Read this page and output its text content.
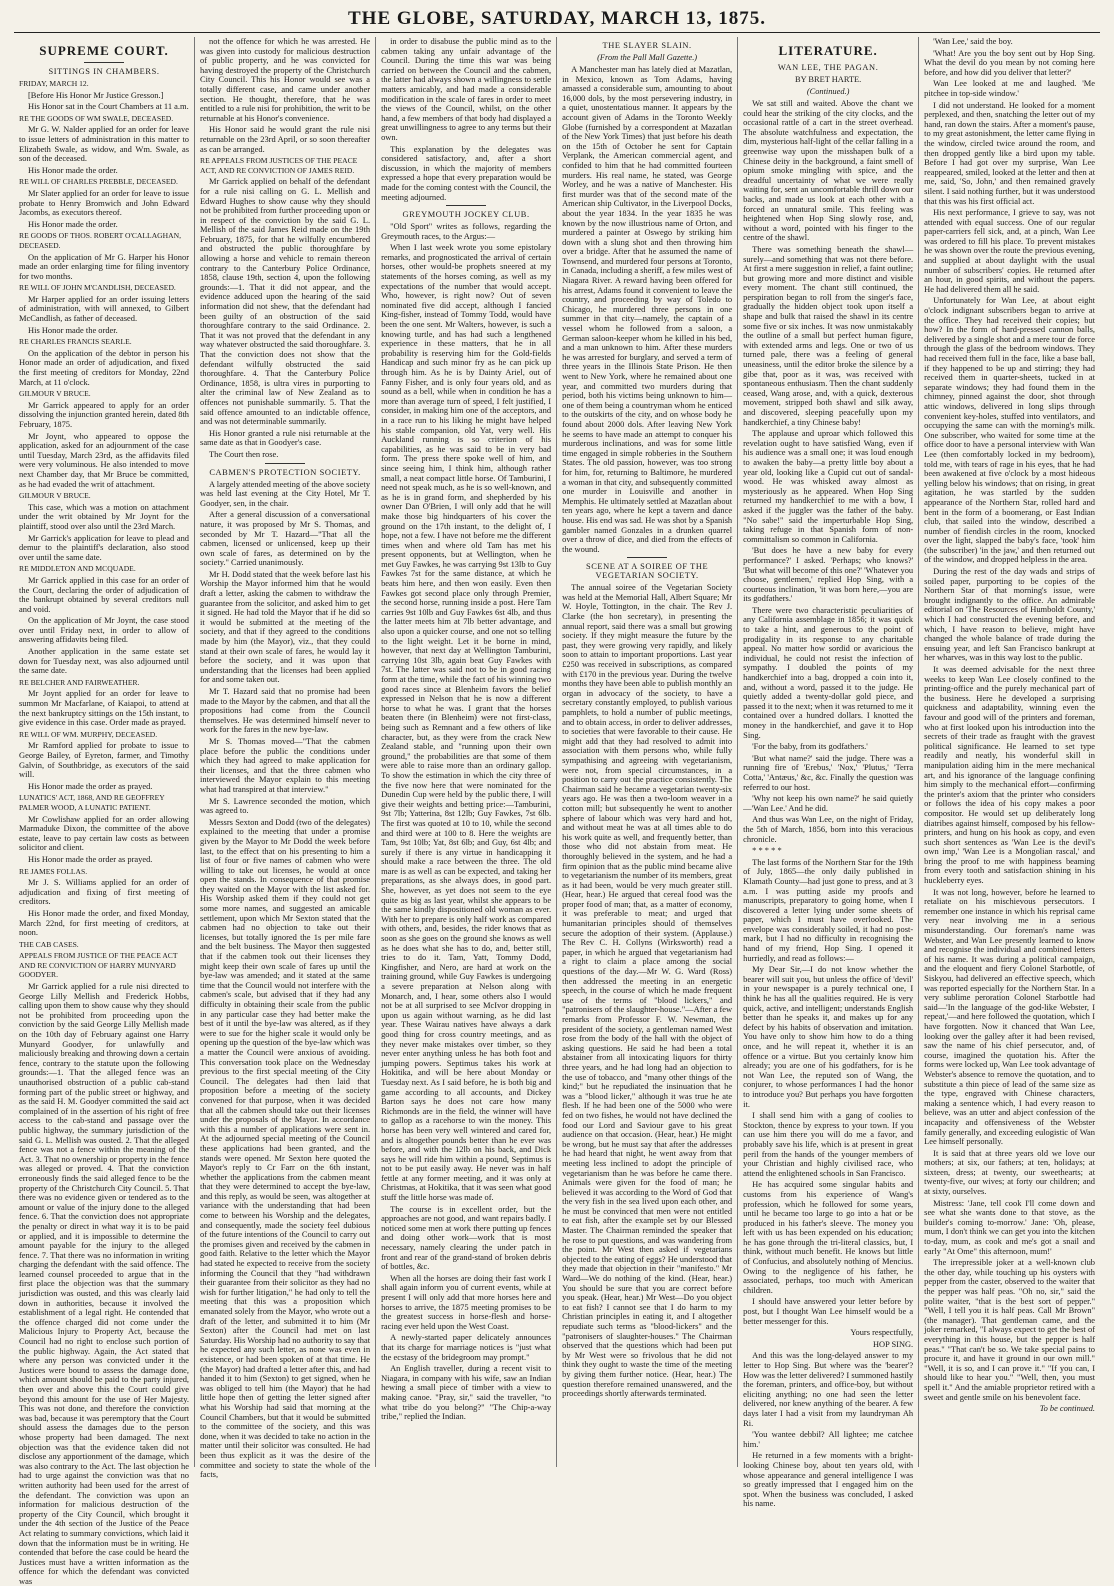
THE GLOBE, SATURDAY, MARCH 13, 1875.
SUPREME COURT.
SITTINGS IN CHAMBERS.

FRIDAY, MARCH 12.

[Before His Honor Mr Justice Gresson.]

His Honor sat in the Court Chambers at 11 a.m.

RE THE GOODS OF WM SWALE, DECEASED.

Mr G. W. Nalder applied for an order for leave to issue letters of administration in this matter to Elizabeth Swale, as widow, and Wm. Swale, as son of the deceased.

His Honor made the order.

RE WILL OF CHARLES PREBBLE, DECEASED.

Mr Slater applied for an order for leave to issue probate to Henry Bromwich and John Edward Jacombs, as executors thereof.

His Honor made the order.

RE GOODS OF THOS. ROBERT O'CALLAGHAN, DECEASED.

On the application of Mr G. Harper his Honor made an order enlarging time for filing inventory for two months.

RE WILL OF JOHN M'CANDLISH, DECEASED.

Mr Harper applied for an order issuing letters of administration, with will annexed, to Gilbert McCandlish, as father of deceased.

His Honor made the order.

RE CHARLES FRANCIS SEARLE.

On the application of the debtor in person his Honor made an order of adjudication, and fixed the first meeting of creditors for Monday, 22nd March, at 11 o'clock.

GILMOUR V BRUCE.

Mr Garrick appeared to apply for an order dissolving the injunction granted herein, dated 8th February, 1875.

Mr Joynt, who appeared to oppose the application, asked for an adjournment of the case until Tuesday, March 23rd, as the affidavits filed were very voluminous. He also intended to move next Chamber day, that Mr Bruce be committed, as he had evaded the writ of attachment.

GILMOUR V BRUCE.

This case, which was a motion on attachment under the writ obtained by Mr Joynt for the plaintiff, stood over also until the 23rd March.

Mr Garrick's application for leave to plead and demur to the plaintiff's declaration, also stood over until the same date.

RE MIDDLETON AND MCQUADE.

Mr Garrick applied in this case for an order of the Court, declaring the order of adjudication of the bankrupt obtained by several creditors null and void.

On the application of Mr Joynt, the case stood over until Friday next, in order to allow of answering affidavits being filed.

Another application in the same estate set down for Tuesday next, was also adjourned until the same date.

RE BELCHER AND FAIRWEATHER.

Mr Joynt applied for an order for leave to summon Mr Macfarlane, of Kaiapoi, to attend at the next bankruptcy sittings on the 15th instant, to give evidence in this case. Order made as prayed.

RE WILL OF WM. MURPHY, DECEASED.

Mr Ramford applied for probate to issue to George Bailey, of Eyreton, farmer, and Timothy Galvin, of Southbridge, as executors of the said will.

His Honor made the order as prayed.

LUNATICS' ACT, 1868, AND RE GEOFFREY PALMER WOOD, A LUNATIC PATIENT.

Mr Cowlishaw applied for an order allowing Marmaduke Dixon, the committee of the above estate, leave to pay certain law costs as between solicitor and client.

His Honor made the order as prayed.

RE JAMES FOLLAS.

Mr J. S. Williams applied for an order of adjudication and fixing of first meeting of creditors.

His Honor made the order, and fixed Monday, March 22nd, for first meeting of creditors, at noon.

THE CAB CASES.

APPEALS FROM JUSTICE OF THE PEACE ACT AND RE CONVICTION OF HARRY MUNYARD GOODYER.

Mr Garrick applied for a rule nisi directed to George Lilly Mellish and Frederick Hobbs, calling upon them to show cause why they should not be prohibited from proceeding upon the conviction by the said George Lilly Mellish made on the 10th day of February against one Harry Munyard Goodyer, for unlawfully and maliciously breaking and throwing down a certain fence, contrary to the statute upon the following grounds:—1. That the alleged fence was an unauthorised obstruction of a public cab-stand forming part of the public street or highway, and as the said H. M. Goodyer committed the said act complained of in the assertion of his right of free access to the cab-stand and passage over the public highway, the summary jurisdiction of the said G. L. Mellish was ousted. 2. That the alleged fence was not a fence within the meaning of the Act. 3. That no ownership or property in the fence was alleged or proved. 4. That the conviction erroneously finds the said alleged fence to be the property of the Christchurch City Council. 5. That there was no evidence given or tendered as to the amount or value of the injury done to the alleged fence. 6. That the conviction does not appropriate the penalty or direct in what way it is to be paid or applied, and it is impossible to determine the amount payable for the injury to the alleged fence. 7. That there was no information in writing charging the defendant with the said offence. The learned counsel proceeded to argue that in the first place the objection was that the summary jurisdiction was ousted, and this was clearly laid down in authorities, because it involved the establishment of a legal right. He contended that the offence charged did not come under the Malicious Injury to Property Act, because the Council had no right to enclose such portion of the public highway. Again, the Act stated that where any person was convicted under it the Justices were bound to assess the damage done, which amount should be paid to the party injured, then over and above this the Court could give beyond this amount for the use of Her Majesty. This was not done, and therefore the conviction was bad, because it was peremptory that the Court should assess the damages due to the person whose property had been damaged. The next objection was that the evidence taken did not disclose any apportionment of the damage, which was also contrary to the Act. The last objection he had to urge against the conviction was that no written authority had been used for the arrest of the defendant. The conviction was upon an information for malicious destruction of the property of the City Council, which brought it under the 4th section of the Justice of the Peace Act relating to summary convictions, which laid it down that the information must be in writing. He contended that before the case could be heard the Justices must have a written information as the offence for which the defendant was convicted was

not the offence for which he was arrested. He was given into custody for malicious destruction of public property, and he was convicted for having destroyed the property of the Christchurch City Council. This his Honor would see was a totally different case, and came under another section. He thought, therefore, that he was entitled to a rule nisi for prohibition, the writ to be returnable at his Honor's convenience.

His Honor said he would grant the rule nisi returnable on the 23rd April, or so soon thereafter as can be arranged.

RE APPEALS FROM JUSTICES OF THE PEACE ACT, AND RE CONVICTION OF JAMES REID.

Mr Garrick applied on behalf of the defendant for a rule nisi calling on G. L. Mellish and Edward Hughes to show cause why they should not be prohibited from further proceeding upon or in respect of the conviction by the said G. L. Mellish of the said James Reid made on the 19th February, 1875, for that he wilfully encumbered and obstructed the public thoroughfare by allowing a horse and vehicle to remain thereon contrary to the Canterbury Police Ordinance, 1858, clause 19th, section 4, upon the following grounds:—1. That it did not appear, and the evidence adduced upon the hearing of the said information did not shew, that the defendant had been guilty of an obstruction of the said thoroughfare contrary to the said Ordinance. 2. That it was not proved that the defendant in any way whatever obstructed the said thoroughfare. 3. That the conviction does not show that the defendant wilfully obstructed the said thoroughfare. 4. That the Canterbury Police Ordinance, 1858, is ultra vires in purporting to alter the criminal law of New Zealand as to offences not punishable summarily. 5. That the said offence amounted to an indictable offence, and was not determinable summarily.

His Honor granted a rule nisi returnable at the same date as that in Goodyer's case.

The Court then rose.

CABMEN'S PROTECTION SOCIETY.

A largely attended meeting of the above society was held last evening at the City Hotel, Mr T. Goodyer, sen, in the chair.

After a general discussion of a conversational nature, it was proposed by Mr S. Thomas, and seconded by Mr T. Hazard—"That all the cabmen, licensed or unlicensed, keep up their own scale of fares, as determined on by the society." Carried unanimously.

Mr H. Dodd stated that the week before last his Worship the Mayor informed him that he would draft a letter, asking the cabmen to withdraw the guarantee from the solicitor, and asked him to get it signed. He had told the Mayor that if he did so it would be submitted at the meeting of the society, and that if they agreed to the conditions made by him (the Mayor), viz., that they could stand at their own scale of fares, he would lay it before the society, and it was upon that understanding that the licenses had been applied for and some taken out.

Mr T. Hazard said that no promise had been made to the Mayor by the cabmen, and that all the propositions had come from the Council themselves. He was determined himself never to work for the fares in the new bye-law.

Mr S. Thomas moved—"That the cabmen place before the public the conditions under which they had agreed to make application for their licenses, and that the three cabmen who interviewed the Mayor explain to this meeting what had transpired at that interview."

Mr S. Lawrence seconded the motion, which was agreed to.

Messrs Sexton and Dodd (two of the delegates) explained to the meeting that under a promise given by the Mayor to Mr Dodd the week before last, to the effect that on his presenting to him a list of four or five names of cabmen who were willing to take out licenses, he would at once open the stands. In consequence of that promise they waited on the Mayor with the list asked for. His Worship asked them if they could not get some more names, and suggested an amicable settlement, upon which Mr Sexton stated that the cabmen had no objection to take out their licenses, but totally ignored the 1s per mile fare and the belt business. The Mayor then suggested that if the cabmen took out their licenses they might keep their own scale of fares up until the bye-law was amended; and it stated at the same time that the Council would not interfere with the cabmen's scale, but advised that if they had any difficulty in obtaining their scale from the public in any particular case they had better make the best of it until the bye-law was altered, as if they were to sue for the higher scale it would only be opening up the question of the bye-law which was a matter the Council were anxious of avoiding. This conversation took place on the Wednesday previous to the first special meeting of the City Council. The delegates had then laid that proposition before a meeting of the society convened for that purpose, when it was decided that all the cabmen should take out their licenses under the proposals of the Mayor. In accordance with this a number of applications were sent in. At the adjourned special meeting of the Council these applications had been granted, and the stands were opened. Mr Sexton here quoted the Mayor's reply to Cr Farr on the 6th instant, whether the applications from the cabmen meant that they were determined to accept the bye-law, and this reply, as would be seen, was altogether at variance with the understanding that had been come to between his Worship and the delegates, and consequently, made the society feel dubious of the future intentions of the Council to carry out the promises given and received by the cabmen in good faith. Relative to the letter which the Mayor had stated he expected to receive from the society informing the Council that they "had withdrawn their guarantee from their solicitor as they had no wish for further litigation," he had only to tell the meeting that this was a proposition which emanated solely from the Mayor, who wrote out a draft of the letter, and submitted it to him (Mr Sexton) after the Council had met on last Saturday. His Worship had no authority to say that he expected any such letter, as none was even in existence, or had been spoken of at that time. He (the Mayor) had drafted a letter after this, and had handed it to him (Sexton) to get signed, when he was obliged to tell him (the Mayor) that he had little hope then of getting the letter signed after what his Worship had said that morning at the Council Chambers, but that it would be submitted to the committee of the society, and this was done, when it was decided to take no action in the matter until their solicitor was consulted. He had been thus explicit as it was the desire of the committee and society to state the whole of the facts,

in order to disabuse the public mind as to the cabmen taking any unfair advantage of the Council. During the time this war was being carried on between the Council and the cabmen, the latter had always shown a willingness to settle matters amicably, and had made a considerable modification in the scale of fares in order to meet the views of the Council, whilst, on the other hand, a few members of that body had displayed a great unwillingness to agree to any terms but their own.

This explanation by the delegates was considered satisfactory, and, after a short discussion, in which the majority of members expressed a hope that every preparation would be made for the coming contest with the Council, the meeting adjourned.

GREYMOUTH JOCKEY CLUB.

"Old Sport" writes as follows, regarding the Greymouth races, to the Argus:—

When I last week wrote you some epistolary remarks, and prognosticated the arrival of certain horses, other would-be prophets sneered at my statements of the horses coming, as well as my expectations of the number that would accept. Who, however, is right now? Out of seven nominated five did accept, although I fancied King-fisher, instead of Tommy Todd, would have been the one sent. Mr Walters, however, is such a knowing turtle, and has had such a lengthened experience in these matters, that he in all probability is reserving him for the Gold-fields Handicap and such minor fry as he can pick up through him. As he is by Dainty Ariel, out of Fanny Fisher, and is only four years old, and as sound as a bell, while when in condition he has a more than average turn of speed, I felt justified, I consider, in making him one of the acceptors, and in a race run to his liking he might have helped his stable companion, old Yat, very well. His Auckland running is so criterion of his capabilities, as he was said to be in very bad form. The press there spoke well of him, and since seeing him, I think him, although rather small, a neat compact little horse. Of Tamburini, I need not speak much, as he is so well-known, and as he is in grand form, and shepherded by his owner Dan O'Brien, I will only add that he will make those big hindquarters of his cover the ground on the 17th instant, to the delight of, I hope, not a few. I have not before me the different times when and where old Tam has met his present opponents, but at Wellington, when he met Guy Fawkes, he was carrying 9st 13lb to Guy Fawkes 7st for the same distance, at which he beats him here, and then won easily. Even then Fawkes got second place only through Premier, the second horse, running inside a post. Here Tam carries 9st 10lb and Guy Fawkes 6st 4lb, and thus the latter meets him at 7lb better advantage, and also upon a quicker course, and one not so telling to the light weight. Let it be borne in mind, however, that next day at Wellington Tamburini, carrying 10st 3lb, again beat Guy Fawkes with 7st. The latter was said not to be in good racing form at the time, while the fact of his winning two good races since at Blenheim favors the belief expressed in Nelson that he is now a different horse to what he was. I grant that the horses beaten there (in Blenheim) were not first-class, being such as Remnant and a few others of like character, but, as they were from the crack New Zealand stable, and "running upon their own ground," the probabilities are that some of them were able to raise more than an ordinary gallop. To show the estimation in which the city three of the five now here that were nominated for the Dunedin Cup were held by the public there, I will give their weights and betting price:—Tamburini, 9st 7lb; Yatterina, 8st 12lb; Guy Fawkes, 7st 6lb. The first was quoted at 10 to 10, while the second and third were at 100 to 8. Here the weights are Tam, 9st 10lb; Yat, 8st 6lb; and Guy, 6st 4lb; and surely if there is any virtue in handicapping it should make a race between the three. The old mare is as well as can be expected, and taking her preparations, as she always does, in good part. She, however, as yet does not seem to the eye quite as big as last year, whilst she appears to be the same kindly dispositioned old woman as ever. With her to prepare is only half work as compared with others, and, besides, the rider knows that as soon as she goes on the ground she knows as well as he does what she has to do, and, better still, tries to do it. Tam, Yatt, Tommy Dodd, Kingfisher, and Nero, are hard at work on the training ground, while Guy Fawkes is undergoing a severe preparation at Nelson along with Monarch, and, I hear, some others also I would not be at all surprised to see McIvor dropping in upon us again without warning, as he did last year. These Wairau natives have always a dark good thing for cross country meetings, and as they never make mistakes over timber, so they never enter anything unless he has both foot and jumping powers. Septimus takes his work at Hokitika, and will be here about Monday or Tuesday next. As I said before, he is both big and game according to all accounts, and Dickey Barton says he does not care how many Richmonds are in the field, the winner will have to gallop as a racehorse to win the money. This horse has been very well wintered and cared for, and is altogether pounds better than he ever was before, and with the 12lb on his back, and Dick says he will ride him within a pound, Septimus is not to be put easily away. He never was in half fettle at any former meeting, and it was only at Christmas, at Hokitika, that it was seen what good stuff the little horse was made of.

The course is in excellent order, but the approaches are not good, and want repairs badly. I noticed some men at work there putting up fences and doing other work—work that is most necessary, namely clearing the under patch in front and rear of the grand-stand of broken debris of bottles, &c.

When all the horses are doing their fast work I shall again inform you of current events, while at present I will only add that more horses here and horses to arrive, the 1875 meeting promises to be the greatest success in horse-flesh and horse-racing ever held upon the West Coast.

A newly-started paper delicately announces that its charge for marriage notices is "just what the ecstasy of the bridegroom may prompt."

An English traveller, during a recent visit to Niagara, in company with his wife, saw an Indian hewing a small piece of timber with a view to making canoe. "Pray, sir," said the traveller, "to what tribe do you belong?" "The Chip-a-way tribe," replied the Indian.

THE SLAYER SLAIN.
(From the Pall Mall Gazette.)

A Manchester man has lately died at Mazatlan, in Mexico, known as Tom Adams, having amassed a considerable sum, amounting to about 16,000 dols, by the most persevering industry, in a quiet, unostentatious manner. It appears by the account given of Adams in the Toronto Weekly Globe (furnished by a correspondent at Mazatlan of the New York Times) that just before his death on the 15th of October he sent for Captain Verplank, the American commercial agent, and confided to him that he had committed fourteen murders. His real name, he stated, was George Worley, and he was a native of Manchester. His first murder was that of the second mate of the American ship Cultivator, in the Liverpool Docks, about the year 1834. In the year 1835 he was known by the now illustrious name of Orton, and murdered a painter at Oswego by striking him down with a slung shot and then throwing him over a bridge. After that he assumed the name of Townsend, and murdered four persons at Toronto, in Canada, including a sheriff, a few miles west of Niagara River. A reward having been offered for his arrest, Adams found it convenient to leave the country, and proceeding by way of Toledo to Chicago, he murdered three persons in one summer in that city—namely, the captain of a vessel whom he followed from a saloon, a German saloon-keeper whom he killed in his bed, and a man unknown to him. After these murders he was arrested for burglary, and served a term of three years in the Illinois State Prison. He then went to New York, where he remained about one year, and committed two murders during that period, both his victims being unknown to him—one of them being a countryman whom he enticed to the outskirts of the city, and on whose body he found about 2000 dols. After leaving New York he seems to have made an attempt to conquer his murderous inclinations, and was for some little time engaged in simple robberies in the Southern States. The old passion, however, was too strong for him, for, returning to Baltimore, he murdered a woman in that city, and subsequently committed one murder in Louisville and another in Memphis. He ultimately settled at Mazatlan about ten years ago, where he kept a tavern and dance house. His end was sad. He was shot by a Spanish gambler named Gonzales in a drunken quarrel over a throw of dice, and died from the effects of the wound.

SCENE AT A SOIREE OF THE VEGETARIAN SOCIETY.

The annual soiree of the Vegetarian Society was held at the Memorial Hall, Albert Square; Mr W. Hoyle, Tottington, in the chair. The Rev J. Clarke (the hon secretary), in presenting the annual report, said there was a small but growing society. If they might measure the future by the past, they were growing very rapidly, and likely soon to attain to important proportions. Last year £250 was received in subscriptions, as compared with £170 in the previous year. During the twelve months they have been able to publish monthly an organ in advocacy of the society, to have a secretary constantly employed, to publish various pamphlets, to hold a number of public meetings, and to obtain access, in order to deliver addresses, to societies that were favorable to their cause. He might add that they had resolved to admit into association with them persons who, while fully sympathising and agreeing with vegetarianism, were not, from special circumstances, in a position to carry out the practice consistently. The Chairman said he became a vegetarian twenty-six years ago. He was then a two-loom weaver in a cotton mill; but subsequently he went to another sphere of labour which was very hard and hot, and without meat he was at all times able to do his work quite as well, and frequently better, than those who did not abstain from meat. He thoroughly believed in the system, and he had a firm opinion that as the public mind became alive to vegetarianism the number of its members, great as it had been, would be very much greater still. (Hear, hear.) He argued that cereal food was the proper food of man; that, as a matter of economy, it was preferable to meat; and urged that humanitarian principles should of themselves secure the adoption of their system. (Applause.) The Rev C. H. Collyns (Wirksworth) read a paper, in which he argued that vegetarianism had a right to claim a place among the social questions of the day.—Mr W. G. Ward (Ross) then addressed the meeting in an energetic speech, in the course of which he made frequent use of the terms of "blood lickers," and "patronisers of the slaughter-house."—After a few remarks from Professor F. W. Newman, the president of the society, a gentleman named West rose from the body of the hall with the object of asking questions. He said he had been a total abstainer from all intoxicating liquors for thirty three years, and he had long had an objection to the use of tobacco, and "many other things of the kind;" but he repudiated the insinuation that he was a "blood licker," although it was true he ate flesh. If he had been one of the 5000 who were fed on two fishes, he would not have declined the food our Lord and Saviour gave to his great audience on that occasion. (Hear, hear.) He might be wrong, but he must say that after the addresses he had heard that night, he went away from that meeting less inclined to adopt the principle of vegetarianism than he was before he came there. Animals were given for the food of man; he believed it was according to the Word of God that the very fish in the sea lived upon each other, and he must be convinced that men were not entitled to eat fish, after the example set by our Blessed Master. The Chairman reminded the speaker that he rose to put questions, and was wandering from the point. Mr West then asked if vegetarians objected to the eating of eggs? He understood that they made that objection in their "manifesto." Mr Ward—We do nothing of the kind. (Hear, hear.) You should be sure that you are correct before you speak. (Hear, hear.) Mr West—Do you object to eat fish? I cannot see that I do harm to my Christian principles in eating it, and I altogether repudiate such terms as "blood-lickers" and the "patronisers of slaughter-houses." The Chairman observed that the questions which had been put by Mr West were so frivolous that he did not think they ought to waste the time of the meeting by giving them further notice. (Hear, hear.) The question therefore remained unanswered, and the proceedings shortly afterwards terminated.

LITERATURE.
WAN LEE, THE PAGAN.
BY BRET HARTE.
(Continued.)

We sat still and waited. Above the chant we could hear the striking of the city clocks, and the occasional rattle of a cart in the street overhead. The absolute watchfulness and expectation, the dim, mysterious half-light of the cellar falling in a greenwise way upon the misshapen bulk of a Chinese deity in the background, a faint smell of opium smoke mingling with spice, and the dreadful uncertainty of what we were really waiting for, sent an uncomfortable thrill down our backs, and made us look at each other with a forced an unnatural smile. This feeling was heightened when Hop Sing slowly rose, and, without a word, pointed with his finger to the centre of the shawl.

There was something beneath the shawl—surely—and something that was not there before. At first a mere suggestion in relief, a faint outline; but growing more and more distinct and visible every moment. The chant still continued, the perspiration began to roll from the singer's face, gradually the hidden object took upon itself a shape and bulk that raised the shawl in its centre some five or six inches. It was now unmistakably the outline of a small but perfect human figure, with extended arms and legs. One or two of us turned pale, there was a feeling of general uneasiness, until the editor broke the silence by a gibe that, poor as it was, was received with spontaneous enthusiasm. Then the chant suddenly ceased, Wang arose, and, with a quick, dexterous movement, stripped both shawl and silk away, and discovered, sleeping peacefully upon my handkerchief, a tiny Chinese baby!

The applause and uproar which followed this revelation ought to have satisfied Wang, even if his audience was a small one; it was loud enough to awaken the baby—a pretty little boy about a year old, looking like a Cupid cut out of sandal-wood. He was whisked away almost as mysteriously as he appeared. When Hop Sing returned my handkerchief to me with a bow, I asked if the juggler was the father of the baby. "No sabe!" said the imperturbable Hop Sing, taking refuge in that Spanish form of non-committalism so common in California.

'But does he have a new baby for every performance?' I asked. 'Perhaps; who knows?' 'But what will become of this one?' 'Whatever you choose, gentlemen,' replied Hop Sing, with a courteous inclination, 'it was born here,—you are its godfathers.'

There were two characteristic peculiarities of any California assemblage in 1856; it was quick to take a hint, and generous to the point of prodigality in its response to any charitable appeal. No matter how sordid or avaricious the individual, he could not resist the infection of sympathy. I doubled the points of my handkerchief into a bag, dropped a coin into it, and, without a word, passed it to the judge. He quietly added a twenty-dollar gold piece, and passed it to the next; when it was returned to me it contained over a hundred dollars. I knotted the money in the handkerchief, and gave it to Hop Sing.

'For the baby, from its godfathers.'

'But what name?' said the judge. There was a running fire of 'Erebus,' 'Nox,' 'Plutus,' 'Terra Cotta,' 'Antæus,' &c, &c. Finally the question was referred to our host.

'Why not keep his own name?' he said quietly—'Wan Lee.' And he did.

And thus was Wan Lee, on the night of Friday, the 5th of March, 1856, born into this veracious chronicle.

* * * * *

The last forms of the Northern Star for the 19th of July, 1865—the only daily published in Klamath County—had just gone to press, and at 3 a.m. I was putting aside my proofs and manuscripts, preparatory to going home, when I discovered a letter lying under some sheets of paper, which I must have overlooked. The envelope was considerably soiled, it had no post-mark, but I had no difficulty in recognising the hand of my friend, Hop Sing. I opened it hurriedly, and read as follows:—

My Dear Sir,—I do not know whether the bearer will suit you, but unless the office of 'devil' in your newspaper is a purely technical one, I think he has all the qualities required. He is very quick, active, and intelligent; understands English better than he speaks it, and makes up for any defect by his habits of observation and imitation. You have only to show him how to do a thing once, and he will repeat it, whether it is an offence or a virtue. But you certainly know him already; you are one of his godfathers, for is he not Wan Lee, the reputed son of Wang, the conjurer, to whose performances I had the honor to introduce you? But perhaps you have forgotten it.

I shall send him with a gang of coolies to Stockton, thence by express to your town. If you can use him there you will do me a favor, and probably save his life, which is at present in great peril from the hands of the younger members of your Christian and highly civilised race, who attend the enlightened schools in San Francisco.

He has acquired some singular habits and customs from his experience of Wang's profession, which he followed for some years, until he became too large to go into a hat or be produced in his father's sleeve. The money you left with us has been expended on his education; he has gone through the tri-literal classics, but, I think, without much benefit. He knows but little of Confucius, and absolutely nothing of Mencius. Owing to the negligence of his father, he associated, perhaps, too much with American children.

I should have answered your letter before by post, but I thought Wan Lee himself would be a better messenger for this.

Yours respectfully,

HOP SING.

And this was the long-delayed answer to my letter to Hop Sing. But where was the 'bearer'? How was the letter delivered? I summoned hastily the foreman, printers, and office-boy, but without eliciting anything; no one had seen the letter delivered, nor knew anything of the bearer. A few days later I had a visit from my laundryman Ah Ri.

'You wantee debbil? All lightee; me catchee him.'

He returned in a few moments with a bright-looking Chinese boy, about ten years old, with whose appearance and general intelligence I was so greatly impressed that I engaged him on the spot. When the business was concluded, I asked his name.

'Wan Lee,' said the boy.

'What! Are you the boy sent out by Hop Sing. What the devil do you mean by not coming here before, and how did you deliver that letter?'

Wan Lee looked at me and laughed. 'Me pitchee in top-side window.'

I did not understand. He looked for a moment perplexed, and then, snatching the letter out of my hand, ran down the stairs. After a moment's pause, to my great astonishment, the letter came flying in the window, circled twice around the room, and then dropped gently like a bird upon my table. Before I had got over my surprise, Wan Lee reappeared, smiled, looked at the letter and then at me, said, 'So, John,' and then remained gravely silent. I said nothing further, but it was understood that this was his first official act.

His next performance, I grieve to say, was not attended with equal success. One of our regular paper-carriers fell sick, and, at a pinch, Wan Lee was ordered to fill his place. To prevent mistakes he was shown over the route the previous evening, and supplied at about daylight with the usual number of subscribers' copies. He returned after an hour, in good spirits, and without the papers. He had delivered them all he said.

Unfortunately for Wan Lee, at about eight o'clock indignant subscribers began to arrive at the office. They had received their copies; but how? In the form of hard-pressed cannon balls, delivered by a single shot and a mere tour de force through the glass of the bedroom windows. They had received them full in the face, like a base ball, if they happened to be up and stirring; they had received them in quarter-sheets, tucked in at separate windows; they had found them in the chimney, pinned against the door, shot through attic windows, delivered in long slips through convenient key-holes, stuffed into ventilators, and occupying the same can with the morning's milk. One subscriber, who waited for some time at the office door to have a personal interview with Wan Lee (then comfortably locked in my bedroom), told me, with tears of rage in his eyes, that he had been awakened at five o'clock by a most hideous yelling below his windows; that on rising, in great agitation, he was startled by the sudden appearance of the Northern Star, rolled hard and bent in the form of a boomerang, or East Indian club, that sailed into the window, described a number of fiendish circles in the room, knocked over the light, slapped the baby's face, 'took' him (the subscriber) 'in the jaw,' and then returned out of the window, and dropped helpless in the area.

During the rest of the day wads and strips of soiled paper, purporting to be copies of the Northern Star of that morning's issue, were brought indignantly to the office. An admirable editorial on 'The Resources of Humboldt County,' which I had constructed the evening before, and which, I have reason to believe, might have changed the whole balance of trade during the ensuing year, and left San Francisco bankrupt at her wharves, was in this way lost to the public.

It was deemed advisable for the next three weeks to keep Wan Lee closely confined to the printing-office and the purely mechanical part of the business. Here he developed a surprising quickness and adaptability, winning even the favour and good will of the printers and foreman, who at first looked upon his introduction into the secrets of their trade as fraught with the gravest political significance. He learned to set type readily and neatly, his wonderful skill in manipulation aiding him in the mere mechanical art, and his ignorance of the language confining him simply to the mechanical effort—confirming the printer's axiom that the printer who considers or follows the idea of his copy makes a poor compositor. He would set up deliberately long diatribes against himself, composed by his fellow-printers, and hung on his hook as copy, and even such short sentences as 'Wan Lee is the devil's own imp,' 'Wan Lee is a Mongolian rascal,' and bring the proof to me with happiness beaming from every tooth and satisfaction shining in his huckleberry eyes.

It was not long, however, before he learned to retaliate on his mischievous persecutors. I remember one instance in which his reprisal came very near involving me in a serious misunderstanding. Our foreman's name was Webster, and Wan Lee presently learned to know and recognise the individual and combined letters of his name. It was during a political campaign, and the eloquent and fiery Colonel Starbottle, of Siskyou, had delivered an effective speech, which was reported especially for the Northern Star. In a very sublime peroration Colonel Starbottle had said—'In the language of the god-like Webster, I repeat,'—and here followed the quotation, which I have forgotten. Now it chanced that Wan Lee, looking over the galley after it had been revised, saw the name of his chief persecutor, and, of course, imagined the quotation his. After the forms were locked up, Wan Lee took advantage of Webster's absence to remove the quotation, and to substitute a thin piece of lead of the same size as the type, engraved with Chinese characters, making a sentence which, I had every reason to believe, was an utter and abject confession of the incapacity and offensiveness of the Webster family generally, and exceeding eulogistic of Wan Lee himself personally.

It is said that at three years old we love our mothers; at six, our fathers; at ten, holidays; at sixteen, dress; at twenty, our sweethearts; at twenty-five, our wives; at forty our children; and at sixty, ourselves.

Mistress: 'Jane, tell cook I'll come down and see what she wants done to that stove, as the builder's coming to-morrow.' Jane: 'Oh, please, mum, I don't think we can get you into the kitchen to-day, mum, as cook and me's got a snail and early "At Ome" this afternoon, mum!'

The irrepressible joker at a well-known club the other day, while touching up his oysters with pepper from the caster, observed to the waiter that the pepper was half peas. "Oh no, sir," said the polite waiter, "that is the best sort of pepper." "Well, I tell you it is half peas. Call Mr Brown" (the manager). That gentleman came, and the joker remarked, "I always expect to get the best of everything in this house, but the pepper is half peas." "That can't be so. We take special pains to procure it, and have it ground in our own mill." "Well, it is so, and I can prove it." "If you can, I should like to hear you." "Well, then, you must spell it." And the amiable proprietor retired with a sweet and gentle smile on his benevolent face.

To be continued.
